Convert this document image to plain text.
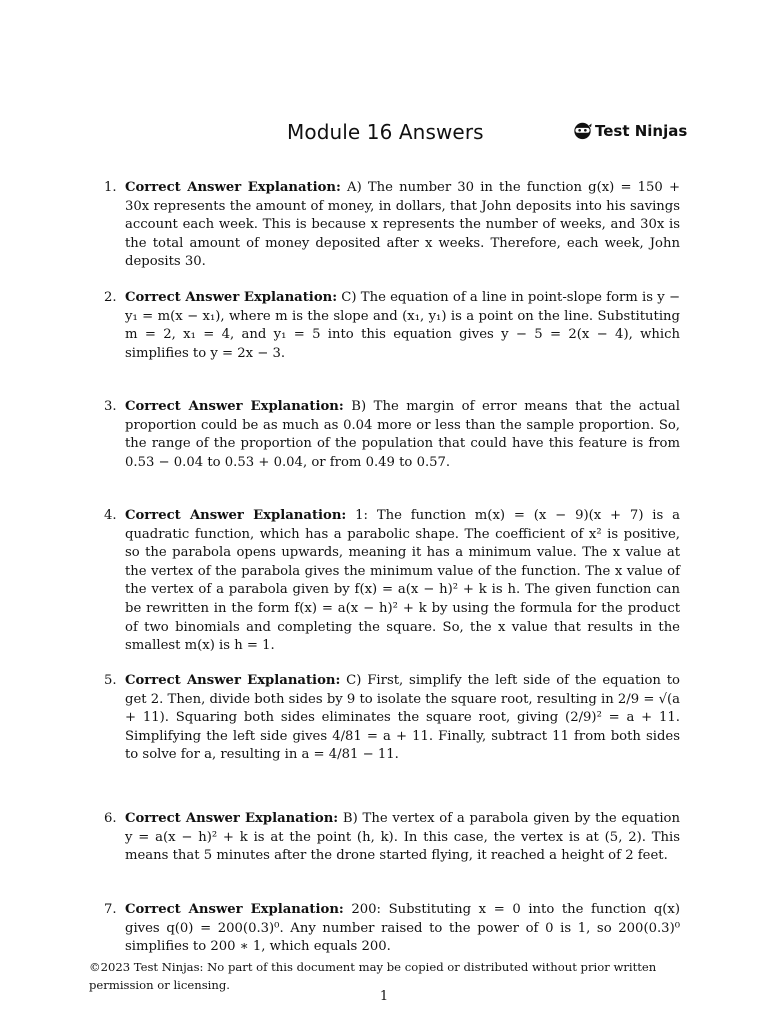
Module 16 Answers	Test Ninjas
1. Correct Answer Explanation: A) The number 30 in the function g(x) = 150 + 30x represents the amount of money, in dollars, that John deposits into his savings account each week. This is because x represents the number of weeks, and 30x is the total amount of money deposited after x weeks. Therefore, each week, John deposits 30.
2. Correct Answer Explanation: C) The equation of a line in point-slope form is y − y₁ = m(x − x₁), where m is the slope and (x₁, y₁) is a point on the line. Substituting m = 2, x₁ = 4, and y₁ = 5 into this equation gives y − 5 = 2(x − 4), which simplifies to y = 2x − 3.
3. Correct Answer Explanation: B) The margin of error means that the actual proportion could be as much as 0.04 more or less than the sample proportion. So, the range of the proportion of the population that could have this feature is from 0.53 − 0.04 to 0.53 + 0.04, or from 0.49 to 0.57.
4. Correct Answer Explanation: 1: The function m(x) = (x − 9)(x + 7) is a quadratic function, which has a parabolic shape. The coefficient of x² is positive, so the parabola opens upwards, meaning it has a minimum value. The x value at the vertex of the parabola gives the minimum value of the function. The x value of the vertex of a parabola given by f(x) = a(x − h)² + k is h. The given function can be rewritten in the form f(x) = a(x − h)² + k by using the formula for the product of two binomials and completing the square. So, the x value that results in the smallest m(x) is h = 1.
5. Correct Answer Explanation: C) First, simplify the left side of the equation to get 2. Then, divide both sides by 9 to isolate the square root, resulting in 2/9 = √(a + 11). Squaring both sides eliminates the square root, giving (2/9)² = a + 11. Simplifying the left side gives 4/81 = a + 11. Finally, subtract 11 from both sides to solve for a, resulting in a = 4/81 − 11.
6. Correct Answer Explanation: B) The vertex of a parabola given by the equation y = a(x − h)² + k is at the point (h, k). In this case, the vertex is at (5, 2). This means that 5 minutes after the drone started flying, it reached a height of 2 feet.
7. Correct Answer Explanation: 200: Substituting x = 0 into the function q(x) gives q(0) = 200(0.3)⁰. Any number raised to the power of 0 is 1, so 200(0.3)⁰ simplifies to 200 ∗ 1, which equals 200.
©2023 Test Ninjas: No part of this document may be copied or distributed without prior written permission or licensing.
1
